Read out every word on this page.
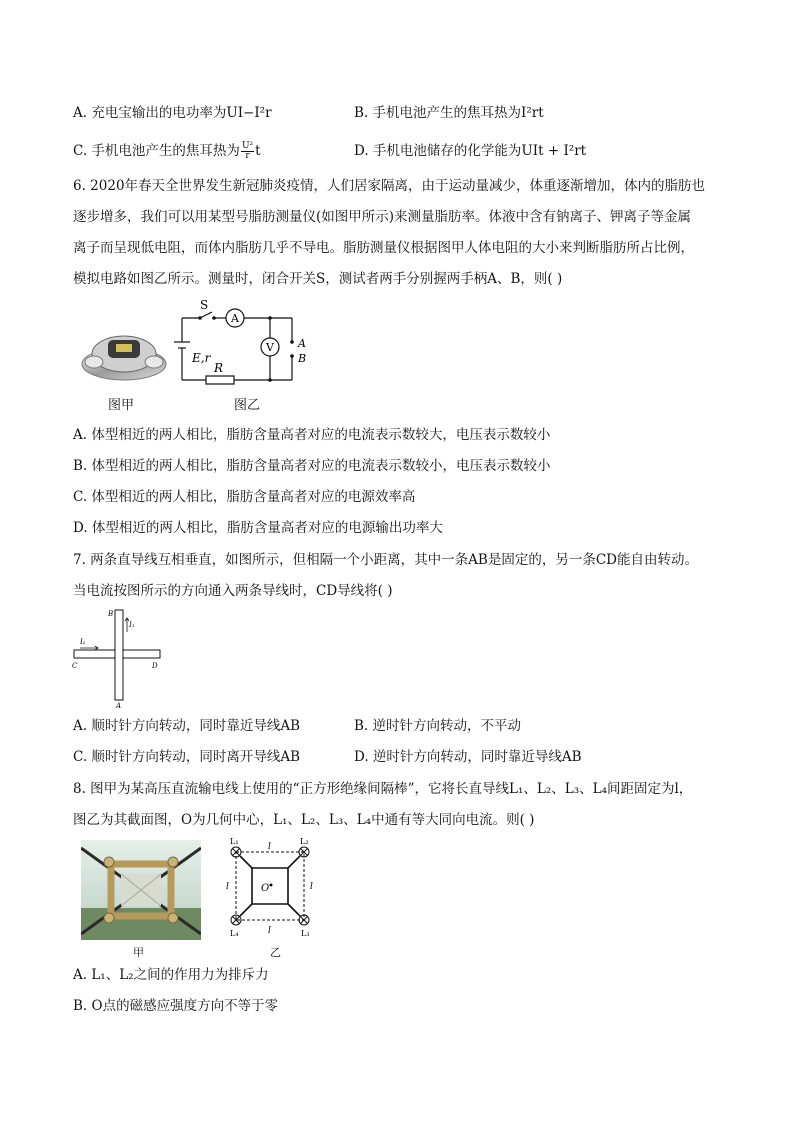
A. 充电宝输出的电功率为UI−I²r	B. 手机电池产生的焦耳热为I²rt
C. 手机电池产生的焦耳热为 $\frac{\text{U²}}{r}$ t	D. 手机电池储存的化学能为UIt + I²rt
6. 2020年春天全世界发生新冠肺炎疫情，人们居家隔离，由于运动量减少，体重逐渐增加，体内的脂肪也
逐步增多，我们可以用某型号脂肪测量仪(如图甲所示)来测量脂肪率。体液中含有钠离子、钾离子等金属
离子而呈现低电阻，而体内脂肪几乎不导电。脂肪测量仪根据图甲人体电阻的大小来判断脂肪所占比例，
模拟电路如图乙所示。测量时，闭合开关S，测试者两手分别握两手柄A、B，则( )
图甲
S
A
V
E,r
R
A
B
图乙
A. 体型相近的两人相比，脂肪含量高者对应的电流表示数较大，电压表示数较小
B. 体型相近的两人相比，脂肪含量高者对应的电流表示数较小，电压表示数较小
C. 体型相近的两人相比，脂肪含量高者对应的电源效率高
D. 体型相近的两人相比，脂肪含量高者对应的电源输出功率大
7. 两条直导线互相垂直，如图所示，但相隔一个小距离，其中一条AB是固定的，另一条CD能自由转动。
当电流按图所示的方向通入两条导线时，CD导线将( )
B
I₁
I₂
C	D
A
A. 顺时针方向转动，同时靠近导线AB	B. 逆时针方向转动，不平动
C. 顺时针方向转动，同时离开导线AB	D. 逆时针方向转动，同时靠近导线AB
8. 图甲为某高压直流输电线上使用的“正方形绝缘间隔棒”，它将长直导线L₁、L₂、L₃、L₄间距固定为l，
图乙为其截面图，O为几何中心，L₁、L₂、L₃、L₄中通有等大同向电流。则( )
甲
L₁	L₂
L₃
L₄
l
l	l
l
O
乙
A. L₁、L₂之间的作用力为排斥力
B. O点的磁感应强度方向不等于零
